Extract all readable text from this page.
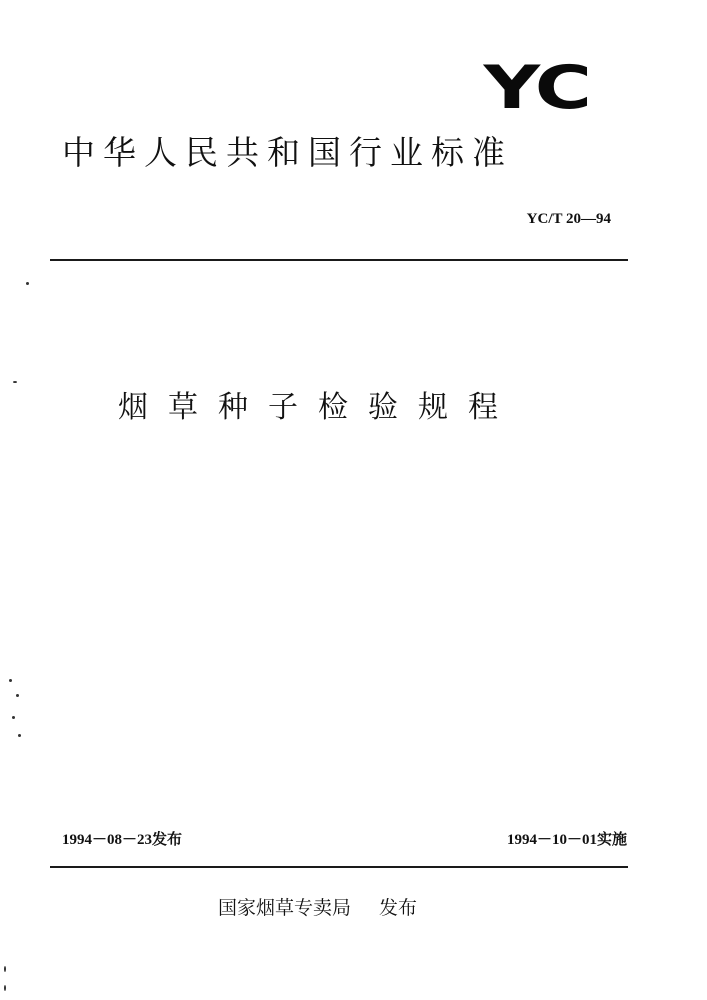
YC
中华人民共和国行业标准
YC/T 20—94
烟草种子检验规程
1994－08－23发布	1994－10－01实施
国家烟草专卖局 发布
